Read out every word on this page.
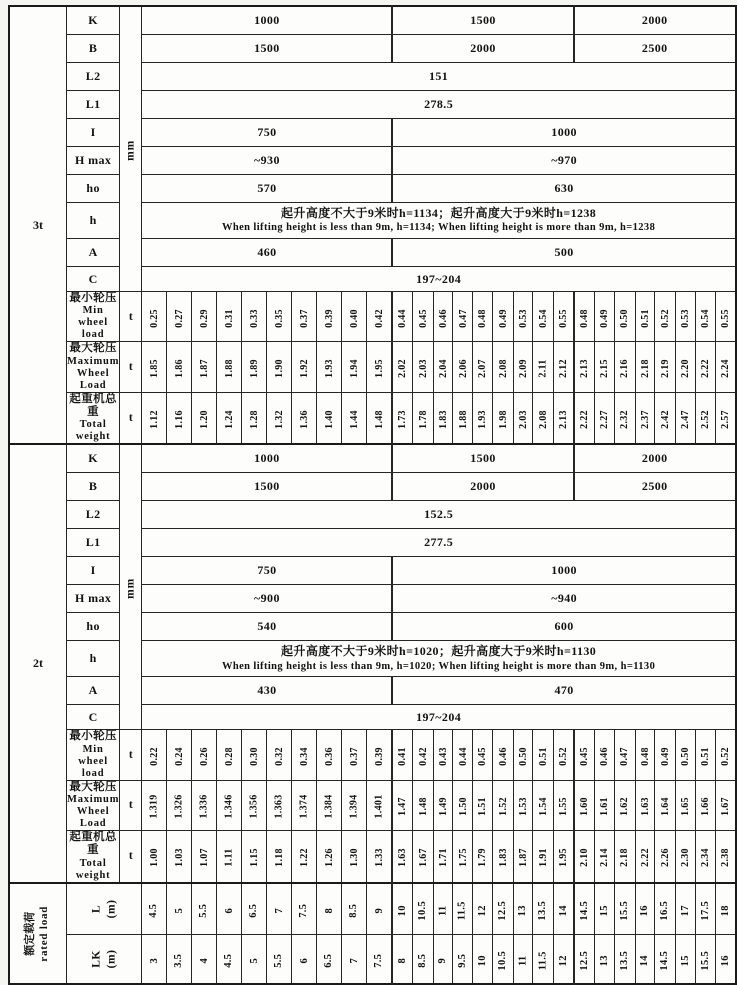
3t	K	mm	1000										1500									2000							
	B		1500										2000									2500							
	L2		151																										
	L1		278.5																										
	I		750										1000																
	H max		~930										~970																
	ho		570										630																
	h		起升高度不大于9米时h=1134；起升高度大于9米时h=1238
When lifting height is less than 9m, h=1134; When lifting height is more than 9m, h=1238																										

	A		460										500																
	C		197~204																										

	最小轮压
Min wheel load	t	0.25	0.27	0.29	0.31	0.33	0.35	0.37	0.39	0.40	0.42	0.44	0.45	0.46	0.47	0.48	0.49	0.53	0.54	0.55	0.48	0.49	0.50	0.51	0.52	0.53	0.54	0.55

	最大轮压
Maximum Wheel Load	t	1.85	1.86	1.87	1.88	1.89	1.90	1.92	1.93	1.94	1.95	2.02	2.03	2.04	2.06	2.07	2.08	2.09	2.11	2.12	2.13	2.15	2.16	2.18	2.19	2.20	2.22	2.24

	起重机总重
Total weight	t	1.12	1.16	1.20	1.24	1.28	1.32	1.36	1.40	1.44	1.48	1.73	1.78	1.83	1.88	1.93	1.98	2.03	2.08	2.13	2.22	2.27	2.32	2.37	2.42	2.47	2.52	2.57
2t	K	mm	1000										1500									2000							
	B		1500										2000									2500							
	L2		152.5																										
	L1		277.5																										
	I		750										1000																
	H max		~900										~940																
	ho		540										600																
	h		起升高度不大于9米时h=1020；起升高度大于9米时h=1130
When lifting height is less than 9m, h=1020; When lifting height is more than 9m, h=1130																										

	A		430										470																
	C		197~204																										

	最小轮压
Min wheel load	t	0.22	0.24	0.26	0.28	0.30	0.32	0.34	0.36	0.37	0.39	0.41	0.42	0.43	0.44	0.45	0.46	0.50	0.51	0.52	0.45	0.46	0.47	0.48	0.49	0.50	0.51	0.52

	最大轮压
Maximum Wheel Load	t	1.319	1.326	1.336	1.346	1.356	1.363	1.374	1.384	1.394	1.401	1.47	1.48	1.49	1.50	1.51	1.52	1.53	1.54	1.55	1.60	1.61	1.62	1.63	1.64	1.65	1.66	1.67

	起重机总重
Total weight	t	1.00	1.03	1.07	1.11	1.15	1.18	1.22	1.26	1.30	1.33	1.63	1.67	1.71	1.75	1.79	1.83	1.87	1.91	1.95	2.10	2.14	2.18	2.22	2.26	2.30	2.34	2.38

额定载荷 rated load	L (m)	4.5	5	5.5	6	6.5	7	7.5	8	8.5	9	10	10.5	11	11.5	12	12.5	13	13.5	14	14.5	15	15.5	16	16.5	17	17.5	18

	LK (m)		3	3.5	4	4.5	5	5.5	6	6.5	7	7.5	8	8.5	9	9.5	10	10.5	11	11.5	12	12.5	13	13.5	14	14.5	15	15.5	16
